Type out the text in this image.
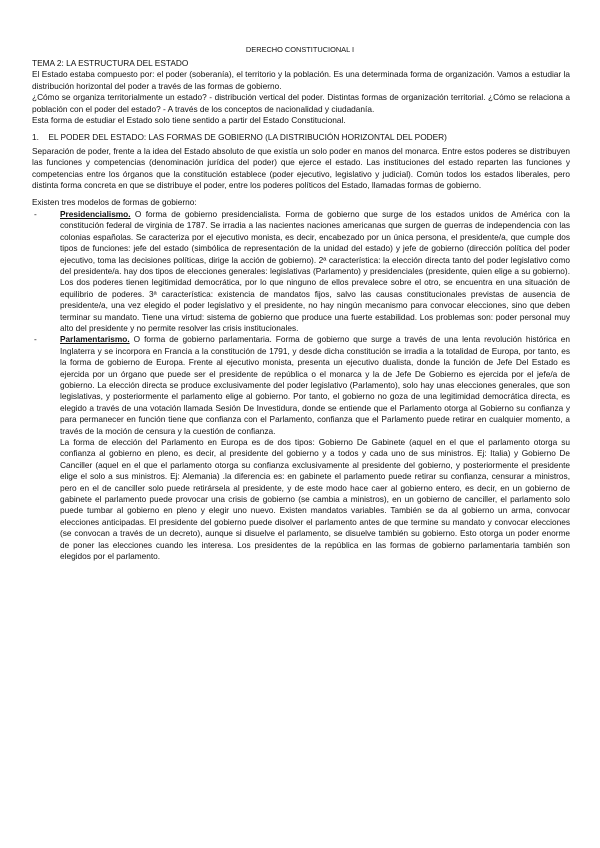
DERECHO CONSTITUCIONAL I

TEMA 2: LA ESTRUCTURA DEL ESTADO

El Estado estaba compuesto por: el poder (soberanía), el territorio y la población. Es una determinada forma de organización. Vamos a estudiar la distribución horizontal del poder a través de las formas de gobierno.

¿Cómo se organiza territorialmente un estado? - distribución vertical del poder. Distintas formas de organización territorial. ¿Cómo se relaciona a población con el poder del estado? - A través de los conceptos de nacionalidad y ciudadanía.

Esta forma de estudiar el Estado solo tiene sentido a partir del Estado Constitucional.

1. EL PODER DEL ESTADO: LAS FORMAS DE GOBIERNO (LA DISTRIBUCIÓN HORIZONTAL DEL PODER)

Separación de poder, frente a la idea del Estado absoluto de que existía un solo poder en manos del monarca. Entre estos poderes se distribuyen las funciones y competencias (denominación jurídica del poder) que ejerce el estado. Las instituciones del estado reparten las funciones y competencias entre los órganos que la constitución establece (poder ejecutivo, legislativo y judicial). Común todos los estados liberales, pero distinta forma concreta en que se distribuye el poder, entre los poderes políticos del Estado, llamadas formas de gobierno.

Existen tres modelos de formas de gobierno:

-	Presidencialismo. O forma de gobierno presidencialista. Forma de gobierno que surge de los estados unidos de América con la constitución federal de virginia de 1787. Se irradia a las nacientes naciones americanas que surgen de guerras de independencia con las colonias españolas. Se caracteriza por el ejecutivo monista, es decir, encabezado por un única persona, el presidente/a, que cumple dos tipos de funciones: jefe del estado (simbólica de representación de la unidad del estado) y jefe de gobierno (dirección política del poder ejecutivo, toma las decisiones políticas, dirige la acción de gobierno). 2ª característica: la elección directa tanto del poder legislativo como del presidente/a. hay dos tipos de elecciones generales: legislativas (Parlamento) y presidenciales (presidente, quien elige a su gobierno). Los dos poderes tienen legitimidad democrática, por lo que ninguno de ellos prevalece sobre el otro, se encuentra en una situación de equilibrio de poderes. 3ª característica: existencia de mandatos fijos, salvo las causas constitucionales previstas de ausencia de presidente/a, una vez elegido el poder legislativo y el presidente, no hay ningún mecanismo para convocar elecciones, sino que deben terminar su mandato. Tiene una virtud: sistema de gobierno que produce una fuerte estabilidad. Los problemas son: poder personal muy alto del presidente y no permite resolver las crisis institucionales.

-	Parlamentarismo. O forma de gobierno parlamentaria. Forma de gobierno que surge a través de una lenta revolución histórica en Inglaterra y se incorpora en Francia a la constitución de 1791, y desde dicha constitución se irradia a la totalidad de Europa, por tanto, es la forma de gobierno de Europa. Frente al ejecutivo monista, presenta un ejecutivo dualista, donde la función de Jefe Del Estado es ejercida por un órgano que puede ser el presidente de república o el monarca y la de Jefe De Gobierno es ejercida por el jefe/a de gobierno. La elección directa se produce exclusivamente del poder legislativo (Parlamento), solo hay unas elecciones generales, que son legislativas, y posteriormente el parlamento elige al gobierno. Por tanto, el gobierno no goza de una legitimidad democrática directa, es elegido a través de una votación llamada Sesión De Investidura, donde se entiende que el Parlamento otorga al Gobierno su confianza y para permanecer en función tiene que confianza con el Parlamento, confianza que el Parlamento puede retirar en cualquier momento, a través de la moción de censura y la cuestión de confianza.

La forma de elección del Parlamento en Europa es de dos tipos: Gobierno De Gabinete (aquel en el que el parlamento otorga su confianza al gobierno en pleno, es decir, al presidente del gobierno y a todos y cada uno de sus ministros. Ej: Italia) y Gobierno De Canciller (aquel en el que el parlamento otorga su confianza exclusivamente al presidente del gobierno, y posteriormente el presidente elige el solo a sus ministros. Ej: Alemania) .la diferencia es: en gabinete el parlamento puede retirar su confianza, censurar a ministros, pero en el de canciller solo puede retirársela al presidente, y de este modo hace caer al gobierno entero, es decir, en un gobierno de gabinete el parlamento puede provocar una crisis de gobierno (se cambia a ministros), en un gobierno de canciller, el parlamento solo puede tumbar al gobierno en pleno y elegir uno nuevo. Existen mandatos variables. También se da al gobierno un arma, convocar elecciones anticipadas. El presidente del gobierno puede disolver el parlamento antes de que termine su mandato y convocar elecciones (se convocan a través de un decreto), aunque si disuelve el parlamento, se disuelve también su gobierno. Esto otorga un poder enorme de poner las elecciones cuando les interesa. Los presidentes de la república en las formas de gobierno parlamentaria también son elegidos por el parlamento.
